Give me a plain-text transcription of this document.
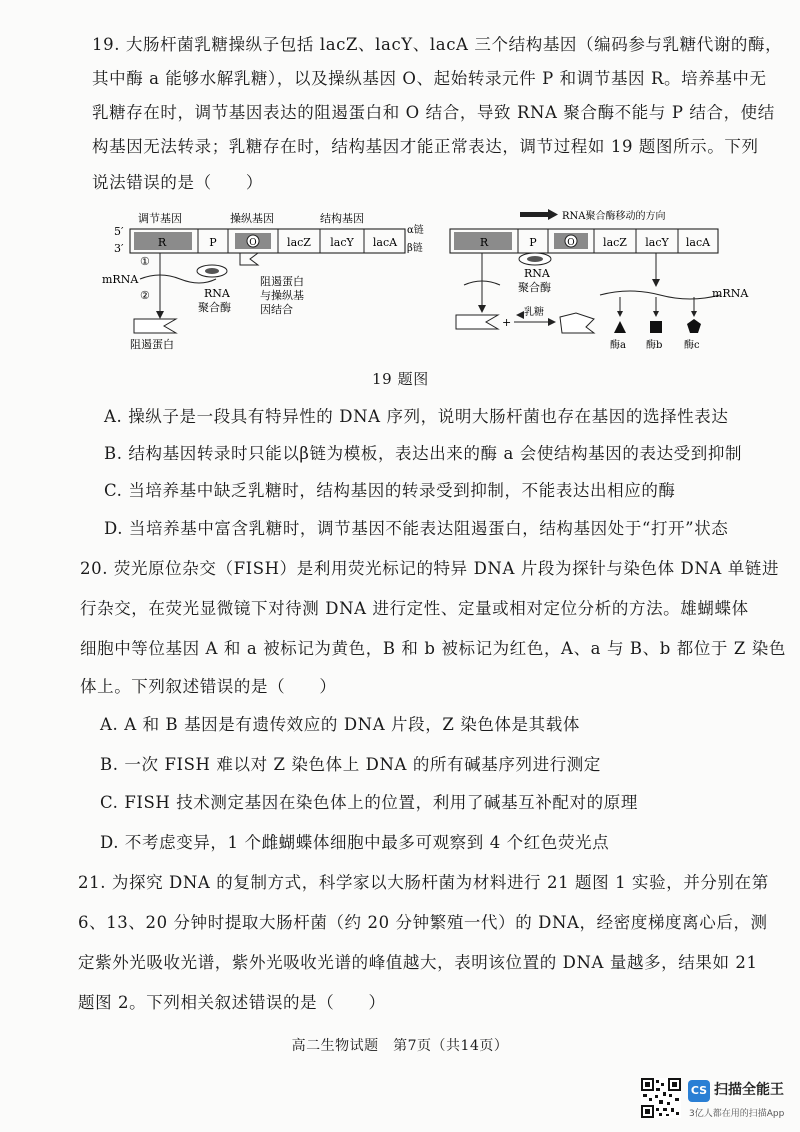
19. 大肠杆菌乳糖操纵子包括 lacZ、lacY、lacA 三个结构基因（编码参与乳糖代谢的酶，
其中酶 a 能够水解乳糖），以及操纵基因 O、起始转录元件 P 和调节基因 R。培养基中无
乳糖存在时，调节基因表达的阻遏蛋白和 O 结合，导致 RNA 聚合酶不能与 P 结合，使结
构基因无法转录；乳糖存在时，结构基因才能正常表达，调节过程如 19 题图所示。下列
说法错误的是（　　）
调节基因	操纵基因	结构基因
5′
3′
α链
β链
R	P	O	lacZ lacY lacA
①
②
mRNA
RNA
聚合酶
阻遏蛋白
与操纵基
因结合
阻遏蛋白
RNA聚合酶移动的方向
R	P	O	lacZ lacY lacA
RNA
聚合酶
+
乳糖
mRNA
酶a 酶b 酶c
19 题图
A. 操纵子是一段具有特异性的 DNA 序列，说明大肠杆菌也存在基因的选择性表达
B. 结构基因转录时只能以β链为模板，表达出来的酶 a 会使结构基因的表达受到抑制
C. 当培养基中缺乏乳糖时，结构基因的转录受到抑制，不能表达出相应的酶
D. 当培养基中富含乳糖时，调节基因不能表达阻遏蛋白，结构基因处于“打开”状态
20. 荧光原位杂交（FISH）是利用荧光标记的特异 DNA 片段为探针与染色体 DNA 单链进
行杂交，在荧光显微镜下对待测 DNA 进行定性、定量或相对定位分析的方法。雄蝴蝶体
细胞中等位基因 A 和 a 被标记为黄色，B 和 b 被标记为红色，A、a 与 B、b 都位于 Z 染色
体上。下列叙述错误的是（　　）
A. A 和 B 基因是有遗传效应的 DNA 片段，Z 染色体是其载体
B. 一次 FISH 难以对 Z 染色体上 DNA 的所有碱基序列进行测定
C. FISH 技术测定基因在染色体上的位置，利用了碱基互补配对的原理
D. 不考虑变异，1 个雌蝴蝶体细胞中最多可观察到 4 个红色荧光点
21. 为探究 DNA 的复制方式，科学家以大肠杆菌为材料进行 21 题图 1 实验，并分别在第
6、13、20 分钟时提取大肠杆菌（约 20 分钟繁殖一代）的 DNA，经密度梯度离心后，测
定紫外光吸收光谱，紫外光吸收光谱的峰值越大，表明该位置的 DNA 量越多，结果如 21
题图 2。下列相关叙述错误的是（　　）
高二生物试题　第7页（共14页）
CS 扫描全能王
3亿人都在用的扫描App
